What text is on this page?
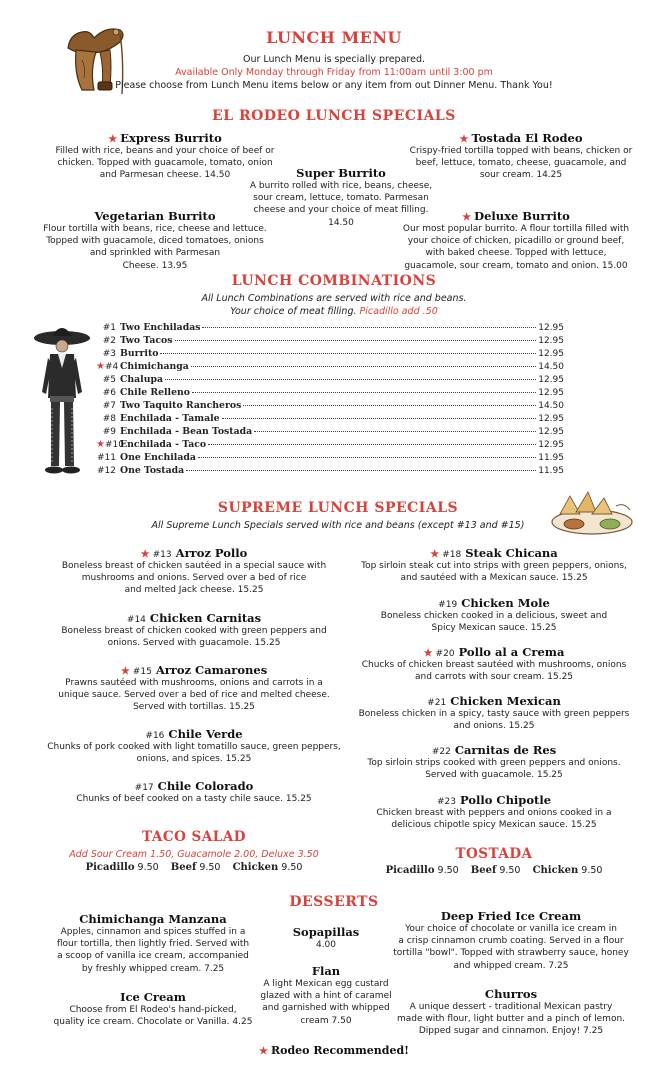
LUNCH MENU
Our Lunch Menu is specially prepared.
Available Only Monday through Friday from 11:00am until 3:00 pm
Please choose from Lunch Menu items below or any item from out Dinner Menu. Thank You!
EL RODEO LUNCH SPECIALS
★ Express Burrito
Filled with rice, beans and your choice of beef or
chicken. Topped with guacamole, tomato, onion
and Parmesan cheese. 14.50	Super Burrito
A burrito rolled with rice, beans, cheese,
sour cream, lettuce, tomato. Parmesan
cheese and your choice of meat filling.
14.50
★ Tostada El Rodeo
Crispy-fried tortilla topped with beans, chicken or
beef, lettuce, tomato, cheese, guacamole, and
sour cream. 14.25
Vegetarian Burrito
Flour tortilla with beans, rice, cheese and lettuce.
Topped with guacamole, diced tomatoes, onions
and sprinkled with Parmesan
Cheese. 13.95
★ Deluxe Burrito
Our most popular burrito. A flour tortilla filled with
your choice of chicken, picadillo or ground beef,
with baked cheese. Topped with lettuce,
guacamole, sour cream, tomato and onion. 15.00
LUNCH COMBINATIONS
All Lunch Combinations are served with rice and beans.
Your choice of meat filling. Picadillo add .50
#1 Two Enchiladas	12.95
#2 Two Tacos	12.95
#3 Burrito	12.95
★#4 Chimichanga	14.50
#5 Chalupa	12.95
#6 Chile Relleno	12.95
#7 Two Taquito Rancheros	14.50
#8 Enchilada - Tamale	12.95
#9 Enchilada - Bean Tostada	12.95
★#10
Enchilada - Taco	12.95
#11 One Enchilada	11.95
#12 One Tostada	11.95
SUPREME LUNCH SPECIALS
All Supreme Lunch Specials served with rice and beans (except #13 and #15)
★ #13 Arroz Pollo
Boneless breast of chicken sautéed in a special sauce with
mushrooms and onions. Served over a bed of rice
and melted Jack cheese. 15.25
#14 Chicken Carnitas
Boneless breast of chicken cooked with green peppers and
onions. Served with guacamole. 15.25
★ #15 Arroz Camarones
Prawns sautéed with mushrooms, onions and carrots in a
unique sauce. Served over a bed of rice and melted cheese.
Served with tortillas. 15.25
#16 Chile Verde
Chunks of pork cooked with light tomatillo sauce, green peppers,
onions, and spices. 15.25
#17 Chile Colorado
Chunks of beef cooked on a tasty chile sauce. 15.25
★ #18 Steak Chicana
Top sirloin steak cut into strips with green peppers, onions,
and sautéed with a Mexican sauce. 15.25
#19 Chicken Mole
Boneless chicken cooked in a delicious, sweet and
Spicy Mexican sauce. 15.25
★ #20 Pollo al a Crema
Chucks of chicken breast sautéed with mushrooms, onions
and carrots with sour cream. 15.25
#21 Chicken Mexican
Boneless chicken in a spicy, tasty sauce with green peppers
and onions. 15.25
#22 Carnitas de Res
Top sirloin strips cooked with green peppers and onions.
Served with guacamole. 15.25
#23 Pollo Chipotle
Chicken breast with peppers and onions cooked in a
delicious chipotle spicy Mexican sauce. 15.25
TACO SALAD
Add Sour Cream 1.50, Guacamole 2.00, Deluxe 3.50
Picadillo 9.50 Beef 9.50 Chicken 9.50
TOSTADA
Picadillo 9.50 Beef 9.50 Chicken 9.50
DESSERTS
Chimichanga Manzana
Apples, cinnamon and spices stuffed in a
flour tortilla, then lightly fried. Served with
a scoop of vanilla ice cream, accompanied
by freshly whipped cream. 7.25
Sopapillas
4.00
Flan
A light Mexican egg custard
glazed with a hint of caramel
and garnished with whipped
cream 7.50
Ice Cream
Choose from El Rodeo's hand-picked,
quality ice cream. Chocolate or Vanilla. 4.25
Deep Fried Ice Cream
Your choice of chocolate or vanilla ice cream in
a crisp cinnamon crumb coating. Served in a flour
tortilla "bowl". Topped with strawberry sauce, honey
and whipped cream. 7.25
Churros
A unique dessert - traditional Mexican pastry
made with flour, light butter and a pinch of lemon.
Dipped sugar and cinnamon. Enjoy! 7.25
★ Rodeo Recommended!
